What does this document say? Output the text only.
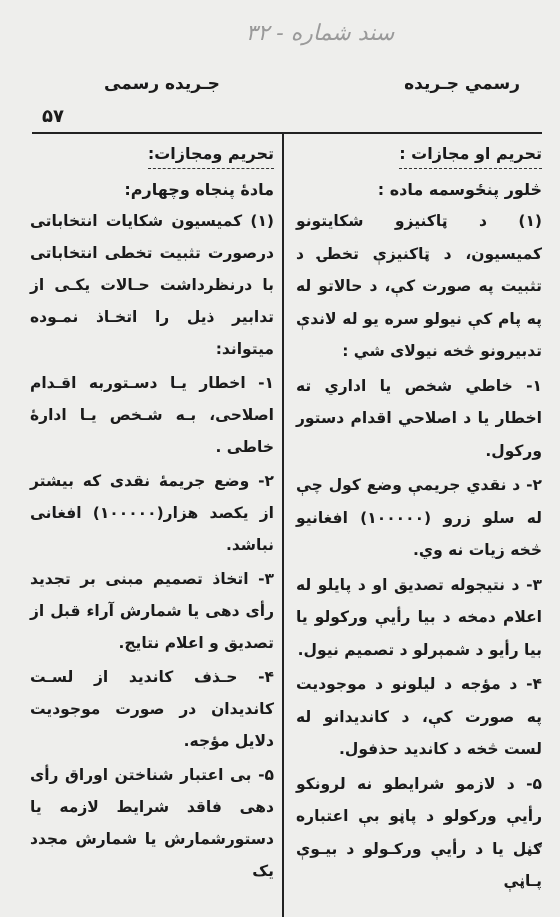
سند شماره - ۳۲
رسمي جـريده
جـريده رسمی
۵۷
تحريم او مجازات :

څلور پنځوسمه ماده :

(۱) د ټاکنيزو شکايتونو کميسيون، د ټاکنيزې تخطۍ د تثبيت په صورت کې، د حالاتو له په پام کې نيولو سره يو له لاندې تدبيرونو څخه نيولای شي :

۱- خاطي شخص يا اداري ته اخطار يا د اصلاحي اقدام دستور ورکول.

۲- د نقدي جريمې وضع کول چې له سلو زرو (۱۰۰۰۰۰) افغانيو څخه زيات نه وي.

۳- د نتيجوله تصديق او د پايلو له اعلام دمخه د بيا رأيې ورکولو يا بيا رأيو د شمېرلو د تصميم نيول.

۴- د مؤجه د ليلونو د موجوديت په صورت کې، د کانديدانو له لست څخه د کانديد حذفول.

۵- د لازمو شرايطو نه لرونکو رأيې ورکولو د پاڼو بې اعتباره ګڼل يا د رأيې ورکـولو د بيـوې پـاڼې

تحريم ومجازات:

مادۀ پنجاه وچهارم:

(۱) کميسيون شکايات انتخاباتی درصورت تثبيت تخطی انتخاباتی با درنظرداشت حـالات يکـی از تدابير ذيل را اتخـاذ نمـوده ميتواند:

۱- اخطار يـا دسـتوربه اقـدام اصلاحی، بـه شـخص يـا ادارۀ خاطی .

۲- وضع جريمۀ نقدی که بيشتر از يکصد هزار(۱۰۰۰۰۰) افغانی نباشد.

۳- اتخاذ تصميم مبنی بر تجديد رأی دهی يا شمارش آراء قبل از تصديق و اعلام نتايج.

۴- حـذف کانديد از لسـت کانديدان در صورت موجوديت دلايل مؤجه.

۵- بی اعتبار شناختن اوراق رأی دهی فاقد شرايط لازمه يا دستورشمارش يا شمارش مجدد يک
